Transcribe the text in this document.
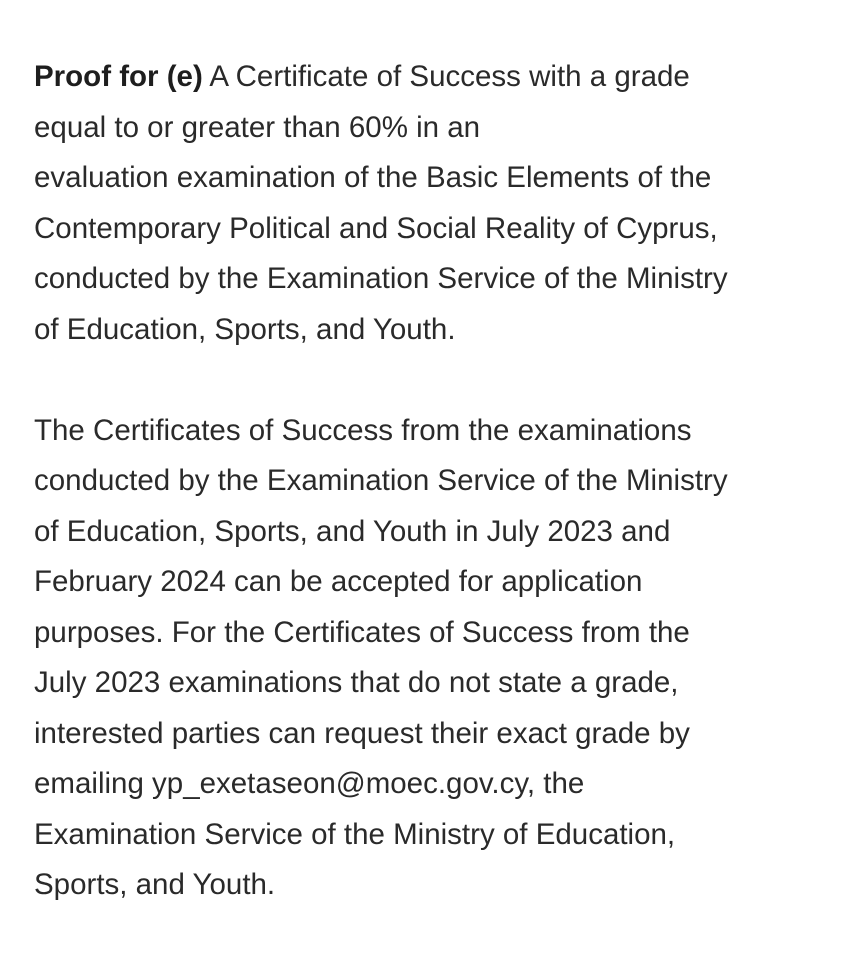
Proof for (e) A Certificate of Success with a grade
equal to or greater than 60% in an
evaluation examination of the Basic Elements of the
Contemporary Political and Social Reality of Cyprus,
conducted by the Examination Service of the Ministry
of Education, Sports, and Youth.

The Certificates of Success from the examinations
conducted by the Examination Service of the Ministry
of Education, Sports, and Youth in July 2023 and
February 2024 can be accepted for application
purposes. For the Certificates of Success from the
July 2023 examinations that do not state a grade,
interested parties can request their exact grade by
emailing yp_exetaseon@moec.gov.cy, the
Examination Service of the Ministry of Education,
Sports, and Youth.
